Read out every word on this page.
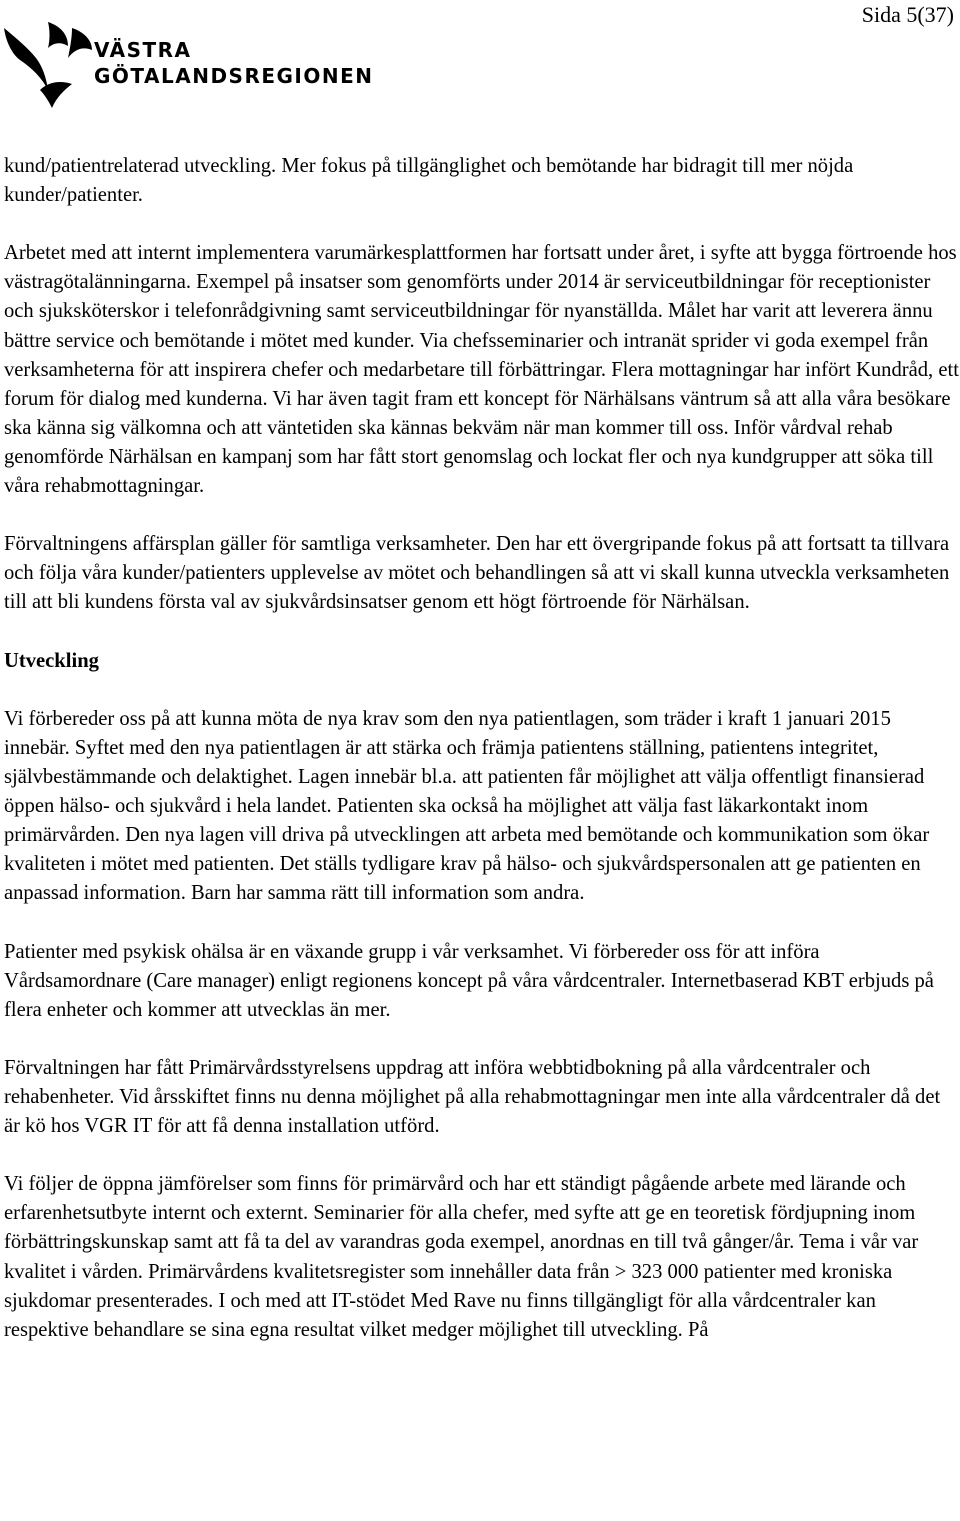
Sida 5(37)
VÄSTRA
GÖTALANDSREGIONEN

kund/patientrelaterad utveckling. Mer fokus på tillgänglighet och bemötande har bidragit till mer nöjda kunder/patienter.

Arbetet med att internt implementera varumärkesplattformen har fortsatt under året, i syfte att bygga förtroende hos västragötalänningarna. Exempel på insatser som genomförts under 2014 är serviceutbildningar för receptionister och sjuksköterskor i telefonrådgivning samt serviceutbildningar för nyanställda. Målet har varit att leverera ännu bättre service och bemötande i mötet med kunder. Via chefsseminarier och intranät sprider vi goda exempel från verksamheterna för att inspirera chefer och medarbetare till förbättringar. Flera mottagningar har infört Kundråd, ett forum för dialog med kunderna. Vi har även tagit fram ett koncept för Närhälsans väntrum så att alla våra besökare ska känna sig välkomna och att väntetiden ska kännas bekväm när man kommer till oss. Inför vårdval rehab genomförde Närhälsan en kampanj som har fått stort genomslag och lockat fler och nya kundgrupper att söka till våra rehabmottagningar.

Förvaltningens affärsplan gäller för samtliga verksamheter. Den har ett övergripande fokus på att fortsatt ta tillvara och följa våra kunder/patienters upplevelse av mötet och behandlingen så att vi skall kunna utveckla verksamheten till att bli kundens första val av sjukvårdsinsatser genom ett högt förtroende för Närhälsan.

Utveckling

Vi förbereder oss på att kunna möta de nya krav som den nya patientlagen, som träder i kraft 1 januari 2015 innebär. Syftet med den nya patientlagen är att stärka och främja patientens ställning, patientens integritet, självbestämmande och delaktighet. Lagen innebär bl.a. att patienten får möjlighet att välja offentligt finansierad öppen hälso- och sjukvård i hela landet. Patienten ska också ha möjlighet att välja fast läkarkontakt inom primärvården. Den nya lagen vill driva på utvecklingen att arbeta med bemötande och kommunikation som ökar kvaliteten i mötet med patienten. Det ställs tydligare krav på hälso- och sjukvårdspersonalen att ge patienten en anpassad information. Barn har samma rätt till information som andra.

Patienter med psykisk ohälsa är en växande grupp i vår verksamhet. Vi förbereder oss för att införa Vårdsamordnare (Care manager) enligt regionens koncept på våra vårdcentraler. Internetbaserad KBT erbjuds på flera enheter och kommer att utvecklas än mer.

Förvaltningen har fått Primärvårdsstyrelsens uppdrag att införa webbtidbokning på alla vårdcentraler och rehabenheter. Vid årsskiftet finns nu denna möjlighet på alla rehabmottagningar men inte alla vårdcentraler då det är kö hos VGR IT för att få denna installation utförd.

Vi följer de öppna jämförelser som finns för primärvård och har ett ständigt pågående arbete med lärande och erfarenhetsutbyte internt och externt. Seminarier för alla chefer, med syfte att ge en teoretisk fördjupning inom förbättringskunskap samt att få ta del av varandras goda exempel, anordnas en till två gånger/år. Tema i vår var kvalitet i vården. Primärvårdens kvalitetsregister som innehåller data från > 323 000 patienter med kroniska sjukdomar presenterades. I och med att IT-stödet Med Rave nu finns tillgängligt för alla vårdcentraler kan respektive behandlare se sina egna resultat vilket medger möjlighet till utveckling. På
